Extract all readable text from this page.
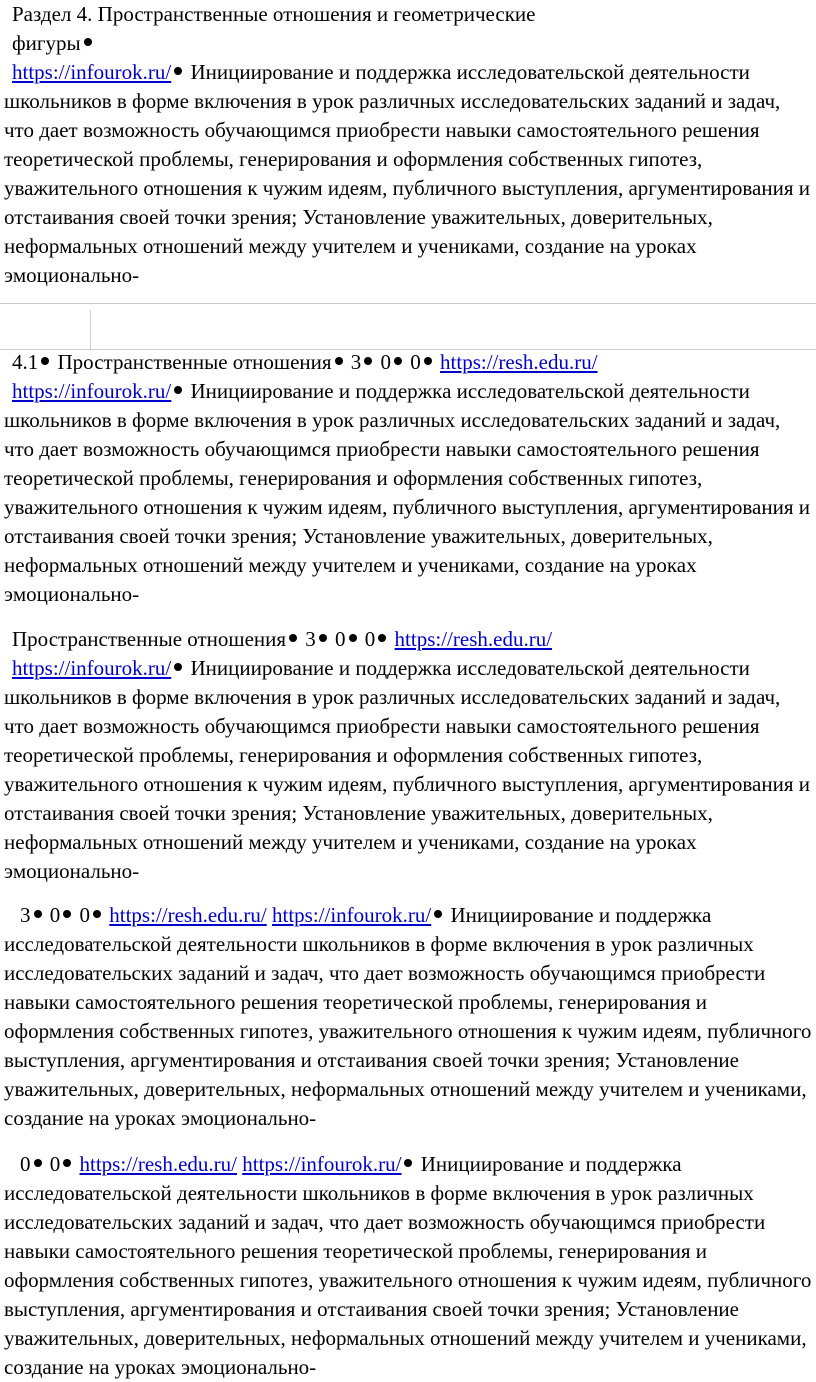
Раздел 4. Пространственные отношения и геометрические

фигуры

https://infourok.ru/ Инициирование и поддержка исследовательской деятельности школьников в форме включения в урок различных исследовательских заданий и задач, что дает возможность обучающимся приобрести навыки самостоятельного решения теоретической проблемы, генерирования и оформления собственных гипотез, уважительного отношения к чужим идеям, публичного выступления, аргументирования и отстаивания своей точки зрения; Установление уважительных, доверительных, неформальных отношений между учителем и учениками, создание на уроках эмоционально-

4.1 Пространственные отношения 3 0 0 https://resh.edu.ru/

https://infourok.ru/ Инициирование и поддержка исследовательской деятельности школьников в форме включения в урок различных исследовательских заданий и задач, что дает возможность обучающимся приобрести навыки самостоятельного решения теоретической проблемы, генерирования и оформления собственных гипотез, уважительного отношения к чужим идеям, публичного выступления, аргументирования и отстаивания своей точки зрения; Установление уважительных, доверительных, неформальных отношений между учителем и учениками, создание на уроках эмоционально-

Пространственные отношения 3 0 0 https://resh.edu.ru/

https://infourok.ru/ Инициирование и поддержка исследовательской деятельности школьников в форме включения в урок различных исследовательских заданий и задач, что дает возможность обучающимся приобрести навыки самостоятельного решения теоретической проблемы, генерирования и оформления собственных гипотез, уважительного отношения к чужим идеям, публичного выступления, аргументирования и отстаивания своей точки зрения; Установление уважительных, доверительных, неформальных отношений между учителем и учениками, создание на уроках эмоционально-

3 0 0 https://resh.edu.ru/ https://infourok.ru/ Инициирование и поддержка исследовательской деятельности школьников в форме включения в урок различных исследовательских заданий и задач, что дает возможность обучающимся приобрести навыки самостоятельного решения теоретической проблемы, генерирования и оформления собственных гипотез, уважительного отношения к чужим идеям, публичного выступления, аргументирования и отстаивания своей точки зрения; Установление уважительных, доверительных, неформальных отношений между учителем и учениками, создание на уроках эмоционально-

0 0 https://resh.edu.ru/ https://infourok.ru/ Инициирование и поддержка исследовательской деятельности школьников в форме включения в урок различных исследовательских заданий и задач, что дает возможность обучающимся приобрести навыки самостоятельного решения теоретической проблемы, генерирования и оформления собственных гипотез, уважительного отношения к чужим идеям, публичного выступления, аргументирования и отстаивания своей точки зрения; Установление уважительных, доверительных, неформальных отношений между учителем и учениками, создание на уроках эмоционально-
